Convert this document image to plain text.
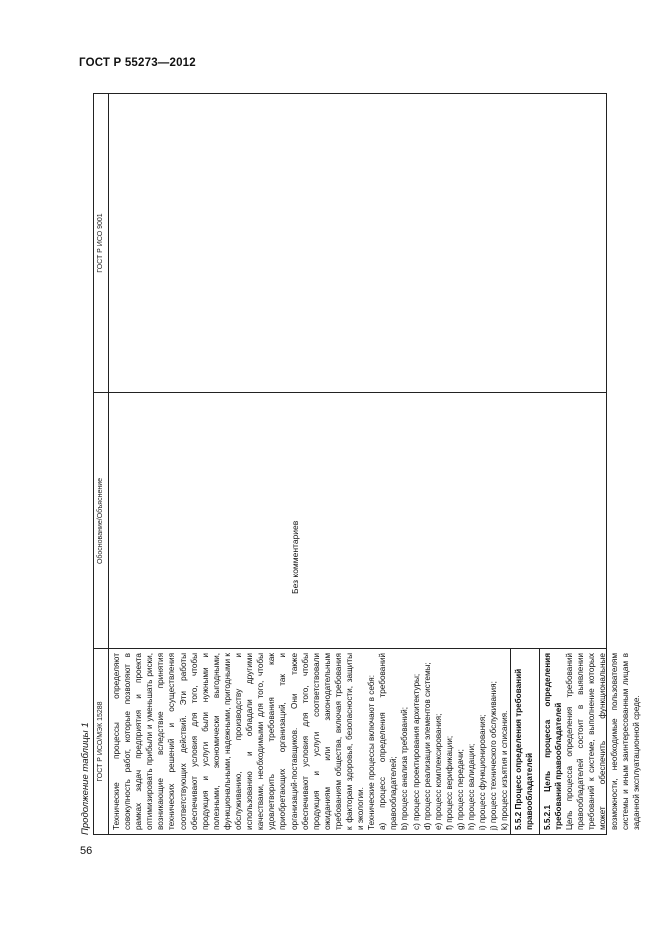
ГОСТ Р 55273—2012
Продолжение таблицы 1 ГОСТ Р ИСО/МЭК 15288
Обоснование/Объяснение
ГОСТ Р ИСО 9001

Технические процессы определяют совокупность работ, которые позволяют в рамках задач предприятия и проекта оптимизировать прибыли и уменьшать риски, возникающие вследствие принятия технических решений и осуществления соответствующих действий. Эти работы обеспечивают условия для того, чтобы продукция и услуги были нужными и полезными, экономически выгодными, функциональными, надежными, пригодными к обслуживанию, производству и использованию и обладали другими качествами, необходимыми для того, чтобы удовлетворить требования как приобретающих организаций, так и организаций-поставщиков. Они также обеспечивают условия для того, чтобы продукция и услуги соответствовали ожиданиям или законодательным требованиям общества, включая требования к факторам здоровья, безопасности, защиты и экологии. Технические процессы включают в себя: a) процесс определения требований правообладателей; b) процесс анализа требований; c) процесс проектирования архитектуры; d) процесс реализации элементов системы; e) процесс комплексирования; f) процесс верификации; g) процесс передачи; h) процесс валидации; i) процесс функционирования; j) процесс технического обслуживания; k) процесс изъятия и списания. 5.5.2 Процесс определения требований правообладателей 5.5.2.1 Цель процесса определения требований правообладателей Цель процесса определения требований правообладателей состоит в выявлении требований к системе, выполнение которых может обеспечить функциональные возможности, необходимые пользователям системы и иным заинтересованным лицам в заданной эксплуатационной среде.

Без комментариев
56
